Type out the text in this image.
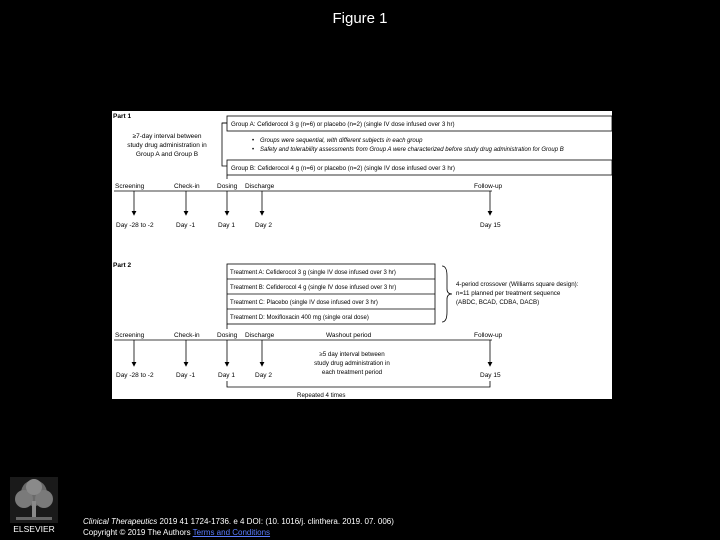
Figure 1
Part 1
≥7-day interval between
study drug administration in
Group A and Group B
Group A: Cefiderocol 3 g (n=6) or placebo (n=2) (single IV dose infused over 3 hr)
• Groups were sequential, with different subjects in each group
• Safety and tolerability assessments from Group A were characterized before study drug administration for Group B
Group B: Cefiderocol 4 g (n=6) or placebo (n=2) (single IV dose infused over 3 hr)
Screening	Check-in	Dosing Discharge	Follow-up
Day -28 to -2	Day -1	Day 1	Day 2	Day 15
Part 2
Treatment A: Cefiderocol 3 g (single IV dose infused over 3 hr)
Treatment B: Cefiderocol 4 g (single IV dose infused over 3 hr)
Treatment C: Placebo (single IV dose infused over 3 hr)
Treatment D: Moxifloxacin 400 mg (single oral dose)
4-period crossover (Williams square design):
n=11 planned per treatment sequence
(ABDC, BCAD, CDBA, DACB)
Screening	Check-in	Dosing Discharge	Washout period	Follow-up
≥5 day interval between
study drug administration in
each treatment period
Day -28 to -2	Day -1	Day 1	Day 2	Day 15
Repeated 4 times
ELSEVIER
Clinical Therapeutics 2019 41 1724-1736. e 4 DOI: (10. 1016/j. clinthera. 2019. 07. 006)
Copyright © 2019 The Authors Terms and Conditions
